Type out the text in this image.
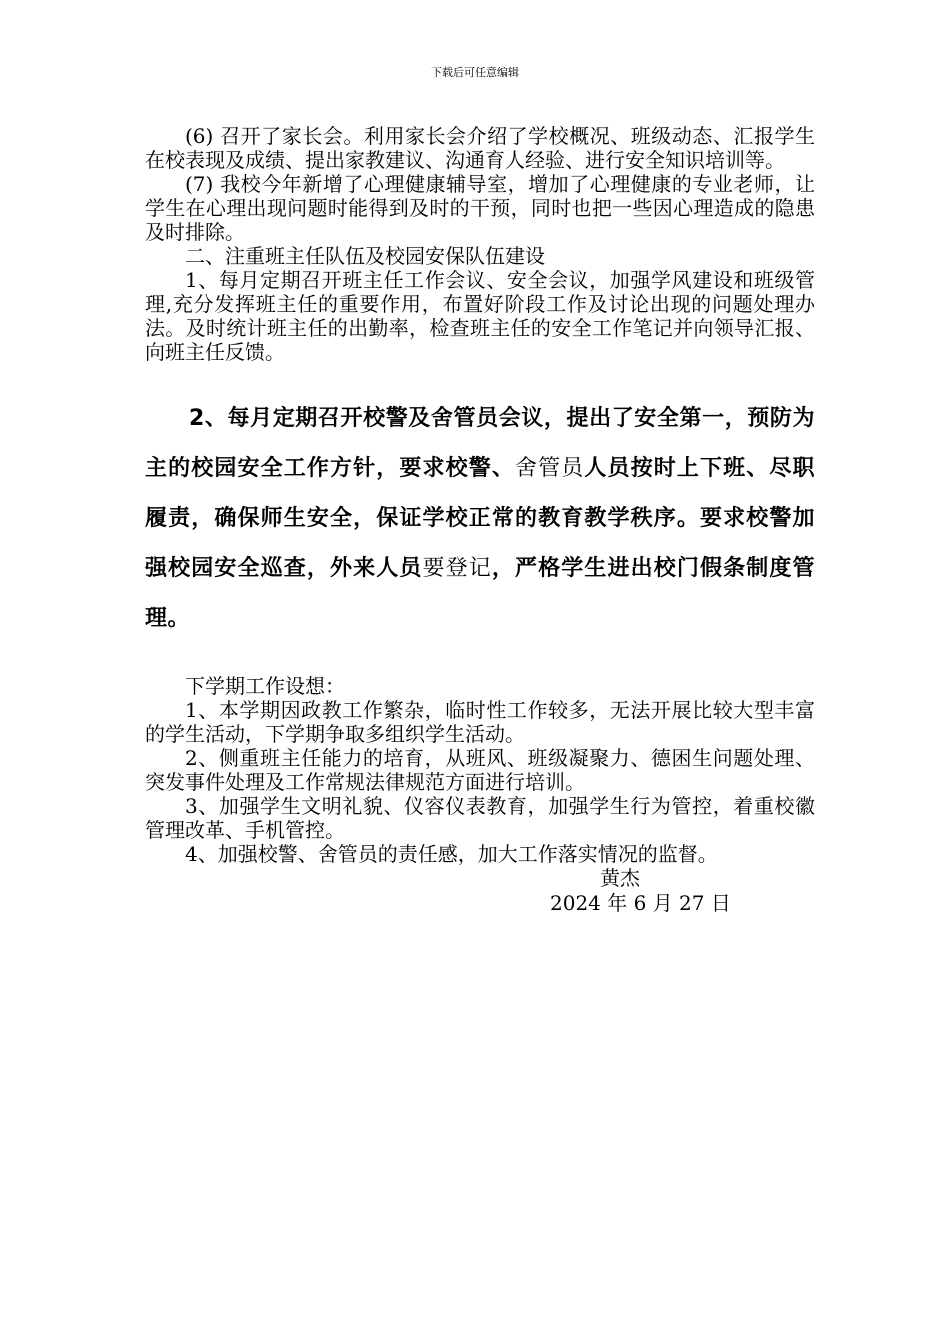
下载后可任意编辑

(6) 召开了家长会。利用家长会介绍了学校概况、班级动态、汇报学生在校表现及成绩、提出家教建议、沟通育人经验、进行安全知识培训等。

(7) 我校今年新增了心理健康辅导室，增加了心理健康的专业老师，让学生在心理出现问题时能得到及时的干预，同时也把一些因心理造成的隐患及时排除。

二、注重班主任队伍及校园安保队伍建设

1、每月定期召开班主任工作会议、安全会议，加强学风建设和班级管理,充分发挥班主任的重要作用，布置好阶段工作及讨论出现的问题处理办法。及时统计班主任的出勤率，检查班主任的安全工作笔记并向领导汇报、向班主任反馈。

2、每月定期召开校警及舍管员会议，提出了安全第一，预防为主的校园安全工作方针，要求校警、舍管员人员按时上下班、尽职履责，确保师生安全，保证学校正常的教育教学秩序。要求校警加强校园安全巡查，外来人员要登记，严格学生进出校门假条制度管理。

下学期工作设想：

1、本学期因政教工作繁杂，临时性工作较多，无法开展比较大型丰富的学生活动，下学期争取多组织学生活动。

2、侧重班主任能力的培育，从班风、班级凝聚力、德困生问题处理、突发事件处理及工作常规法律规范方面进行培训。

3、加强学生文明礼貌、仪容仪表教育，加强学生行为管控，着重校徽管理改革、手机管控。

4、加强校警、舍管员的责任感，加大工作落实情况的监督。

黄杰

2024 年 6 月 27 日
